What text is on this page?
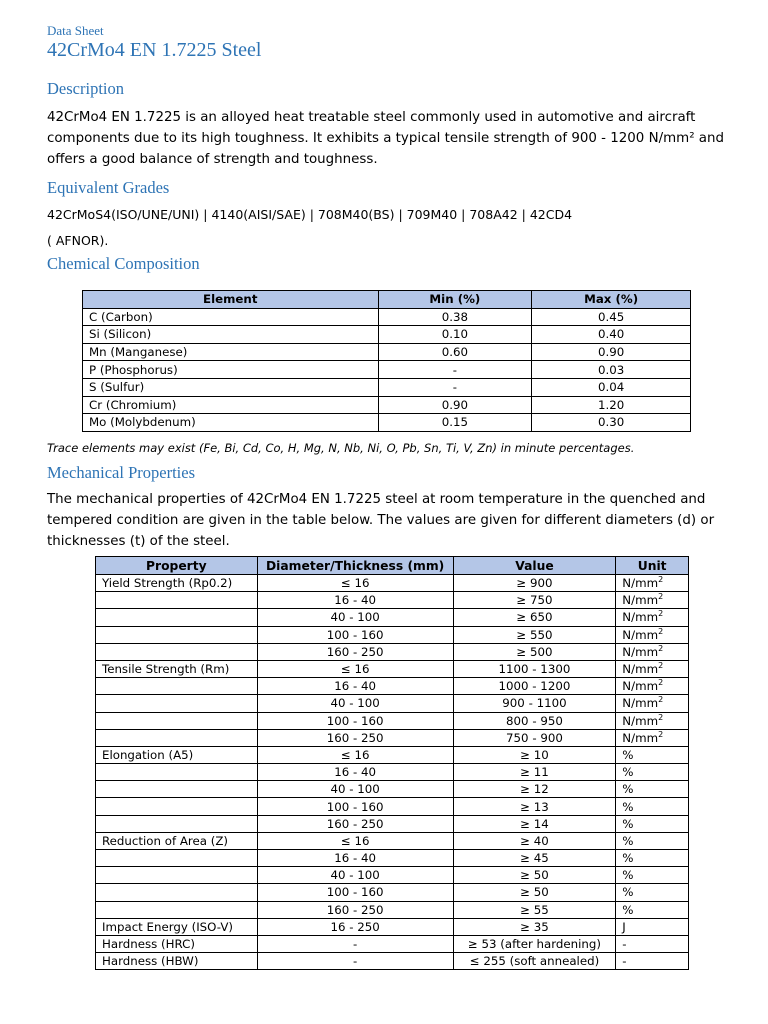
Data Sheet
42CrMo4 EN 1.7225 Steel
Description
42CrMo4 EN 1.7225 is an alloyed heat treatable steel commonly used in automotive and aircraft components due to its high toughness. It exhibits a typical tensile strength of 900 - 1200 N/mm² and offers a good balance of strength and toughness.
Equivalent Grades
42CrMoS4(ISO/UNE/UNI) | 4140(AISI/SAE) | 708M40(BS) | 709M40 | 708A42 | 42CD4
( AFNOR).
Chemical Composition
Element	Min (%)	Max (%)
C (Carbon)	0.38	0.45
Si (Silicon)	0.10	0.40
Mn (Manganese)	0.60	0.90
P (Phosphorus)	-	0.03
S (Sulfur)	-	0.04
Cr (Chromium)	0.90	1.20
Mo (Molybdenum)	0.15	0.30
Trace elements may exist (Fe, Bi, Cd, Co, H, Mg, N, Nb, Ni, O, Pb, Sn, Ti, V, Zn) in minute percentages.
Mechanical Properties
The mechanical properties of 42CrMo4 EN 1.7225 steel at room temperature in the quenched and tempered condition are given in the table below. The values are given for different diameters (d) or thicknesses (t) of the steel.
Property	Diameter/Thickness (mm)	Value	Unit
Yield Strength (Rp0.2)	≤ 16	≥ 900	$N/mm^2$
	16 - 40	≥ 750	$N/mm^2$
	40 - 100	≥ 650	$N/mm^2$
	100 - 160	≥ 550	$N/mm^2$
	160 - 250	≥ 500	$N/mm^2$
Tensile Strength (Rm)	≤ 16	1100 - 1300	$N/mm^2$
	16 - 40	1000 - 1200	$N/mm^2$
	40 - 100	900 - 1100	$N/mm^2$
	100 - 160	800 - 950	$N/mm^2$
	160 - 250	750 - 900	$N/mm^2$
Elongation (A5)	≤ 16	≥ 10	%
	16 - 40	≥ 11	%
	40 - 100	≥ 12	%
	100 - 160	≥ 13	%
	160 - 250	≥ 14	%
Reduction of Area (Z)	≤ 16	≥ 40	%
	16 - 40	≥ 45	%
	40 - 100	≥ 50	%
	100 - 160	≥ 50	%
	160 - 250	≥ 55	%
Impact Energy (ISO-V)	16 - 250	≥ 35	J
Hardness (HRC)	-	≥ 53 (after hardening)	-
Hardness (HBW)	-	≤ 255 (soft annealed)	-
